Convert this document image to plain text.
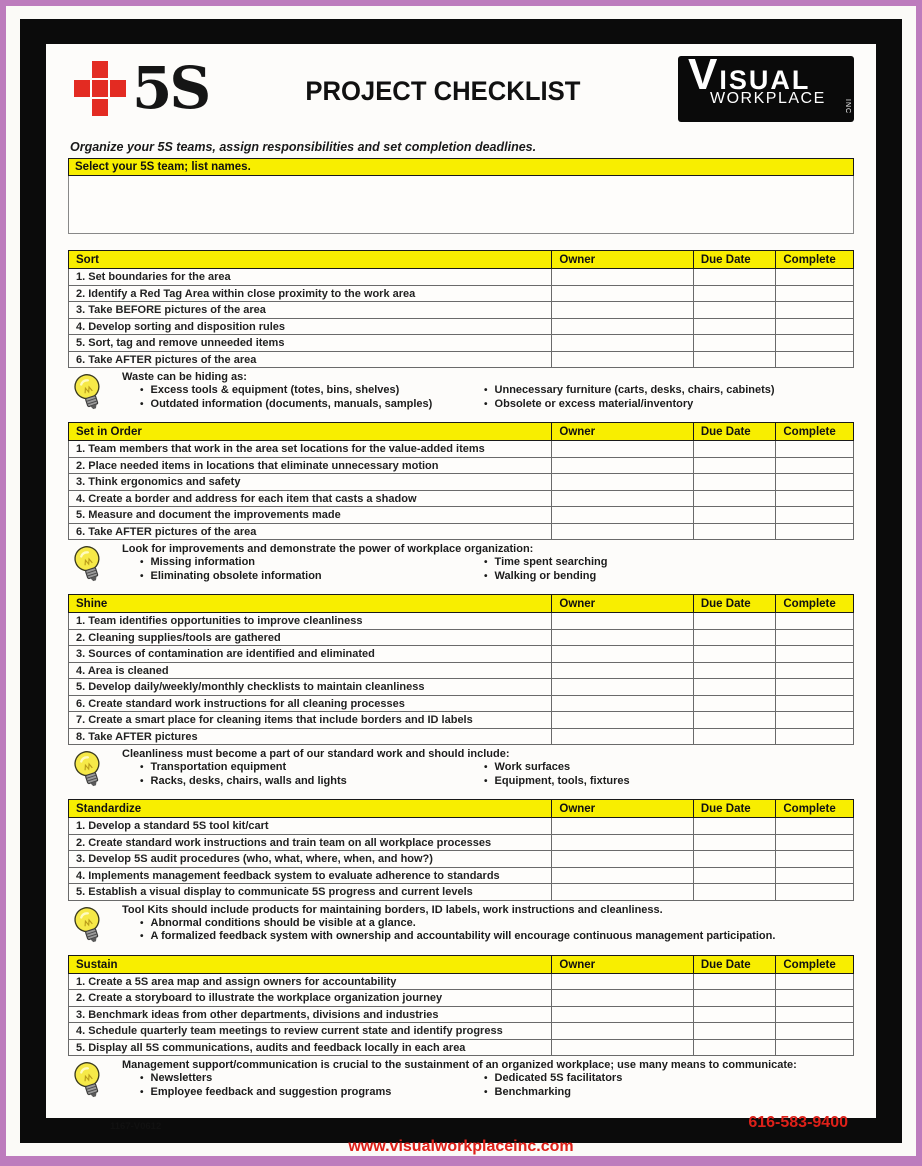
5S	PROJECT CHECKLIST	VISUAL
WORKPLACE	INC
Organize your 5S teams, assign responsibilities and set completion deadlines.
Select your 5S team; list names.
Sort	Owner	Due Date	Complete
1. Set boundaries for the area
2. Identify a Red Tag Area within close proximity to the work area
3. Take BEFORE pictures of the area
4. Develop sorting and disposition rules
5. Sort, tag and remove unneeded items
6. Take AFTER pictures of the area
Waste can be hiding as:
• Excess tools & equipment (totes, bins, shelves)
• Outdated information (documents, manuals, samples)
• Unnecessary furniture (carts, desks, chairs, cabinets)
• Obsolete or excess material/inventory
Set in Order	Owner	Due Date	Complete
1. Team members that work in the area set locations for the value-added items
2. Place needed items in locations that eliminate unnecessary motion
3. Think ergonomics and safety
4. Create a border and address for each item that casts a shadow
5. Measure and document the improvements made
6. Take AFTER pictures of the area
Look for improvements and demonstrate the power of workplace organization:
• Missing information
• Eliminating obsolete information
• Time spent searching
• Walking or bending
Shine	Owner	Due Date	Complete
1. Team identifies opportunities to improve cleanliness
2. Cleaning supplies/tools are gathered
3. Sources of contamination are identified and eliminated
4. Area is cleaned
5. Develop daily/weekly/monthly checklists to maintain cleanliness
6. Create standard work instructions for all cleaning processes
7. Create a smart place for cleaning items that include borders and ID labels
8. Take AFTER pictures
Cleanliness must become a part of our standard work and should include:
• Transportation equipment
• Racks, desks, chairs, walls and lights
• Work surfaces
• Equipment, tools, fixtures
Standardize	Owner	Due Date	Complete
1. Develop a standard 5S tool kit/cart
2. Create standard work instructions and train team on all workplace processes
3. Develop 5S audit procedures (who, what, where, when, and how?)
4. Implements management feedback system to evaluate adherence to standards
5. Establish a visual display to communicate 5S progress and current levels
Tool Kits should include products for maintaining borders, ID labels, work instructions and cleanliness.
• Abnormal conditions should be visible at a glance.
• A formalized feedback system with ownership and accountability will encourage continuous management participation.
Sustain	Owner	Due Date	Complete
1. Create a 5S area map and assign owners for accountability
2. Create a storyboard to illustrate the workplace organization journey
3. Benchmark ideas from other departments, divisions and industries
4. Schedule quarterly team meetings to review current state and identify progress
5. Display all 5S communications, audits and feedback locally in each area
Management support/communication is crucial to the sustainment of an organized workplace; use many means to communicate:
• Newsletters
• Employee feedback and suggestion programs
• Dedicated 5S facilitators
• Benchmarking
1167-V0612	616-583-9400
www.visualworkplaceinc.com
